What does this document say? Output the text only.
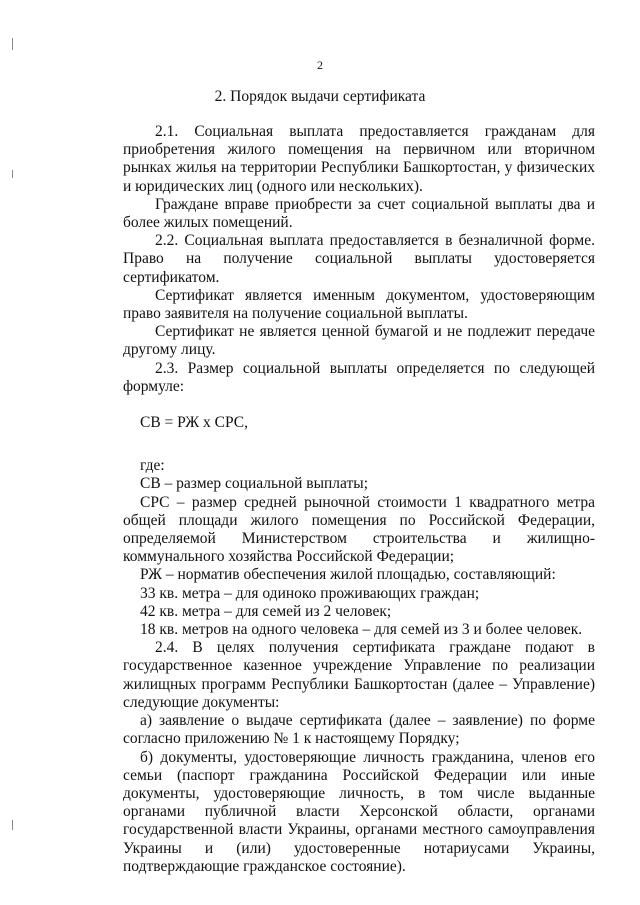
2
2. Порядок выдачи сертификата

2.1. Социальная выплата предоставляется гражданам для приобретения жилого помещения на первичном или вторичном рынках жилья на территории Республики Башкортостан, у физических и юридических лиц (одного или нескольких).

Граждане вправе приобрести за счет социальной выплаты два и более жилых помещений.

2.2. Социальная выплата предоставляется в безналичной форме. Право на получение социальной выплаты удостоверяется сертификатом.

Сертификат является именным документом, удостоверяющим право заявителя на получение социальной выплаты.

Сертификат не является ценной бумагой и не подлежит передаче другому лицу.

2.3. Размер социальной выплаты определяется по следующей формуле:

СВ = РЖ х СРС,

где:

СВ – размер социальной выплаты;

СРС – размер средней рыночной стоимости 1 квадратного метра общей площади жилого помещения по Российской Федерации, определяемой Министерством строительства и жилищно-коммунального хозяйства Российской Федерации;

РЖ – норматив обеспечения жилой площадью, составляющий:

33 кв. метра – для одиноко проживающих граждан;

42 кв. метра – для семей из 2 человек;

18 кв. метров на одного человека – для семей из 3 и более человек.

2.4. В целях получения сертификата граждане подают в государственное казенное учреждение Управление по реализации жилищных программ Республики Башкортостан (далее – Управление) следующие документы:

а) заявление о выдаче сертификата (далее – заявление) по форме согласно приложению № 1 к настоящему Порядку;

б) документы, удостоверяющие личность гражданина, членов его семьи (паспорт гражданина Российской Федерации или иные документы, удостоверяющие личность, в том числе выданные органами публичной власти Херсонской области, органами государственной власти Украины, органами местного самоуправления Украины и (или) удостоверенные нотариусами Украины, подтверждающие гражданское состояние).
